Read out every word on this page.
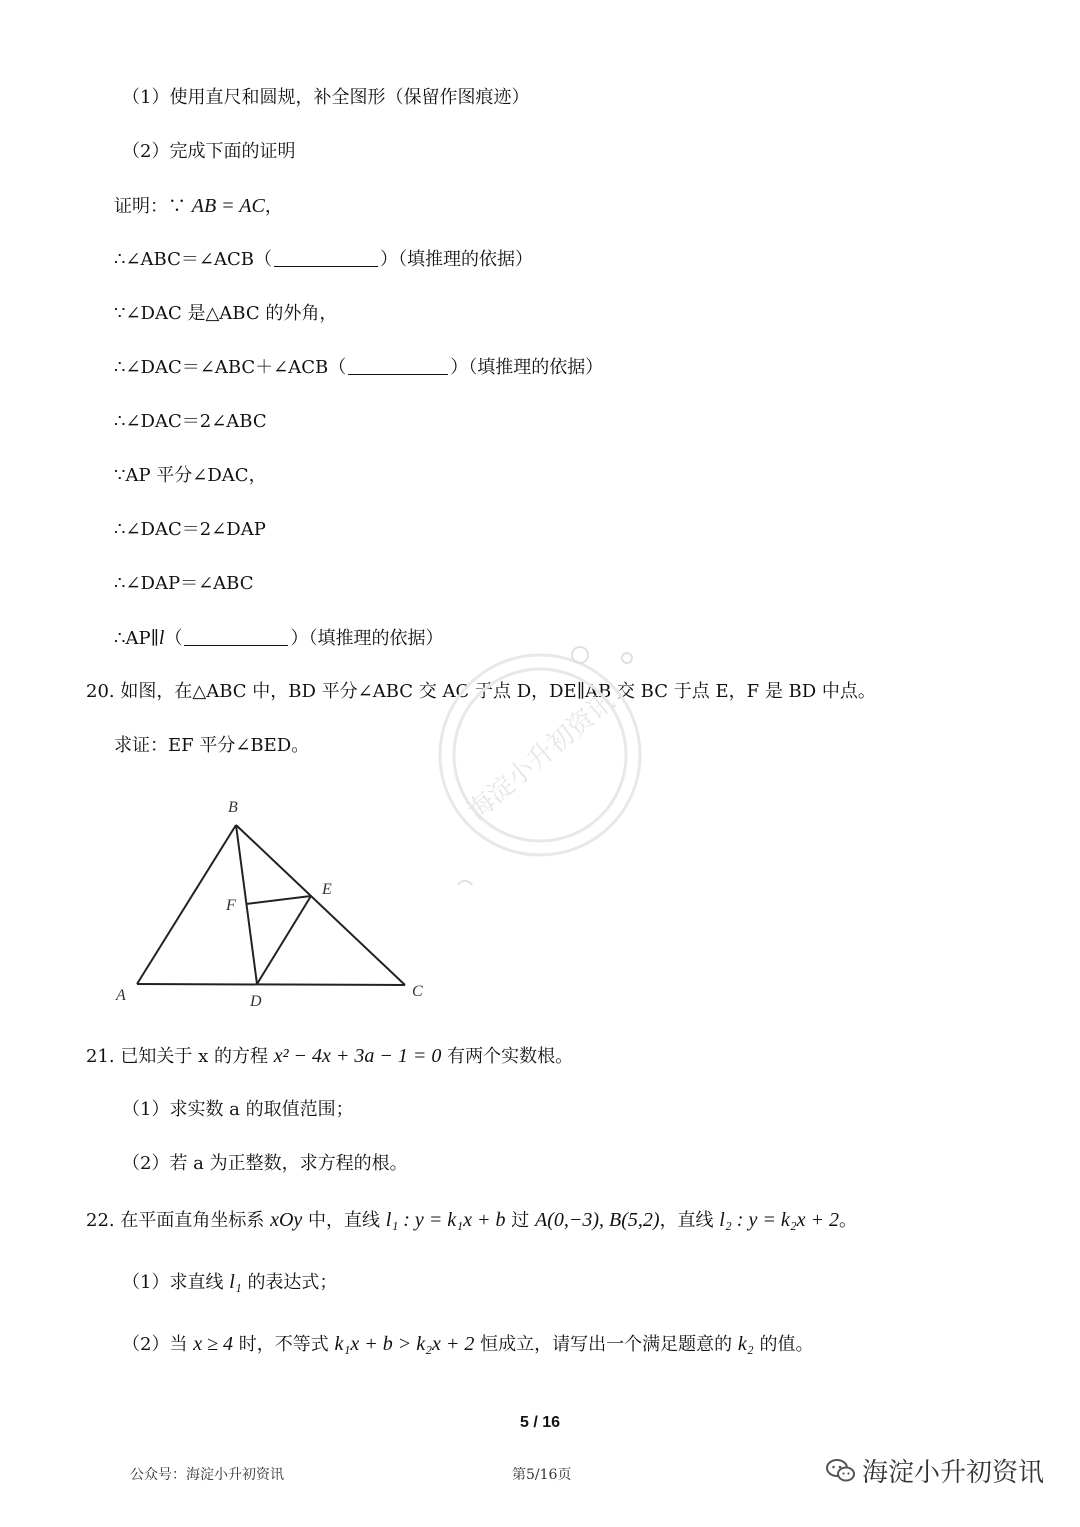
（1）使用直尺和圆规，补全图形（保留作图痕迹）
（2）完成下面的证明
证明：∵ AB = AC，
∴∠ABC＝∠ACB（	）（填推理的依据）
∵∠DAC 是△ABC 的外角，
∴∠DAC＝∠ABC＋∠ACB（	）（填推理的依据）
∴∠DAC＝2∠ABC
∵AP 平分∠DAC，
∴∠DAC＝2∠DAP
∴∠DAP＝∠ABC
∴AP∥l（	）（填推理的依据）
20. 如图，在△ABC 中，BD 平分∠ABC 交 AC 于点 D，DE∥AB 交 BC 于点 E，F 是 BD 中点。
求证：EF 平分∠BED。
B
A	C
D
E
F
海淀小升初资讯
21. 已知关于 x 的方程 x² − 4x + 3a − 1 = 0 有两个实数根。
（1）求实数 a 的取值范围；
（2）若 a 为正整数，求方程的根。
22. 在平面直角坐标系 xOy 中，直线 l₁ : y = k₁x + b 过 A(0,−3), B(5,2)，直线 l₂ : y = k₂x + 2。
（1）求直线 l₁ 的表达式；
（2）当 x ≥ 4 时，不等式 k₁x + b > k₂x + 2 恒成立，请写出一个满足题意的 k₂ 的值。
5 / 16
公众号：海淀小升初资讯	第5/16页	海淀小升初资讯
